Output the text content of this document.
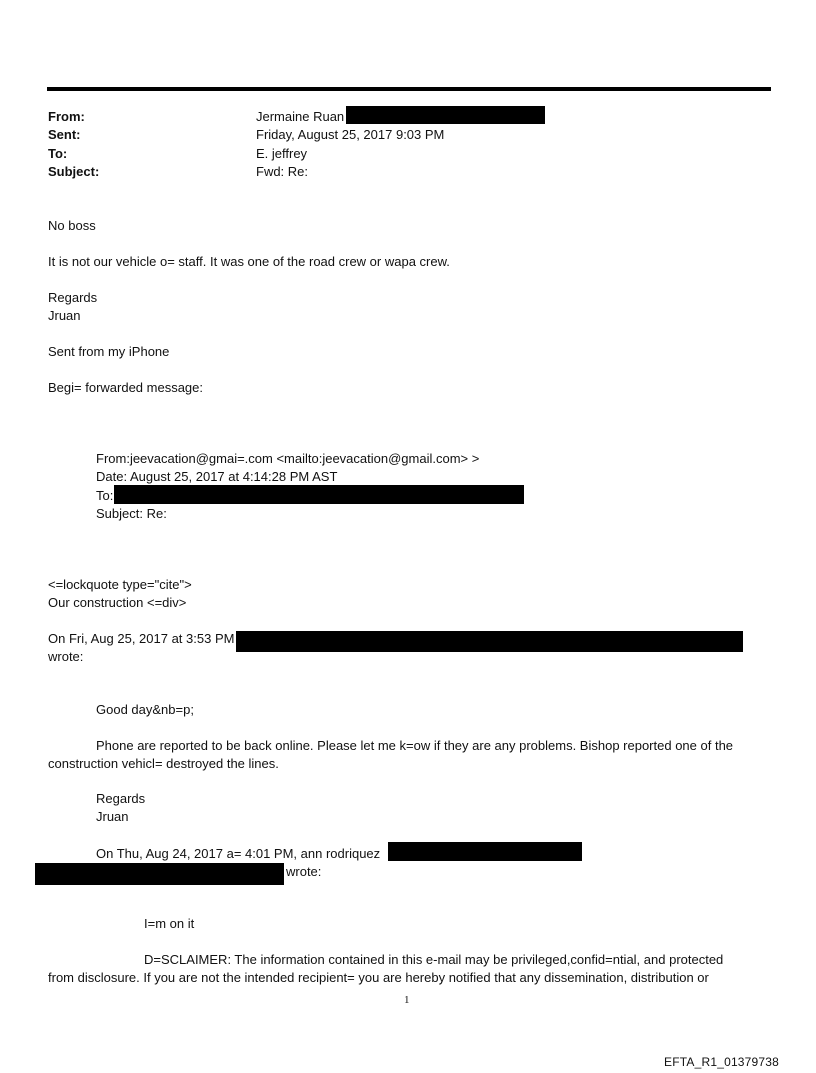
From:	Jermaine Ruan
Sent:	Friday, August 25, 2017 9:03 PM
To:	E. jeffrey
Subject:	Fwd: Re:
No boss
It is not our vehicle o= staff. It was one of the road crew or wapa crew.
Regards
Jruan
Sent from my iPhone
Begi= forwarded message:
From:jeevacation@gmai=.com <mailto:jeevacation@gmail.com> >
Date: August 25, 2017 at 4:14:28 PM AST
To:
Subject: Re:
<=lockquote type="cite">
Our construction <=div>
On Fri, Aug 25, 2017 at 3:53 PM
wrote:
Good day&nb=p;
Phone are reported to be back online. Please let me k=ow if they are any problems. Bishop reported one of the
construction vehicl= destroyed the lines.
Regards
Jruan
On Thu, Aug 24, 2017 a= 4:01 PM, ann rodriquez
wrote:
I=m on it
D=SCLAIMER: The information contained in this e-mail may be privileged,confid=ntial, and protected
from disclosure. If you are not the intended recipient= you are hereby notified that any dissemination, distribution or
1
EFTA_R1_01379738
